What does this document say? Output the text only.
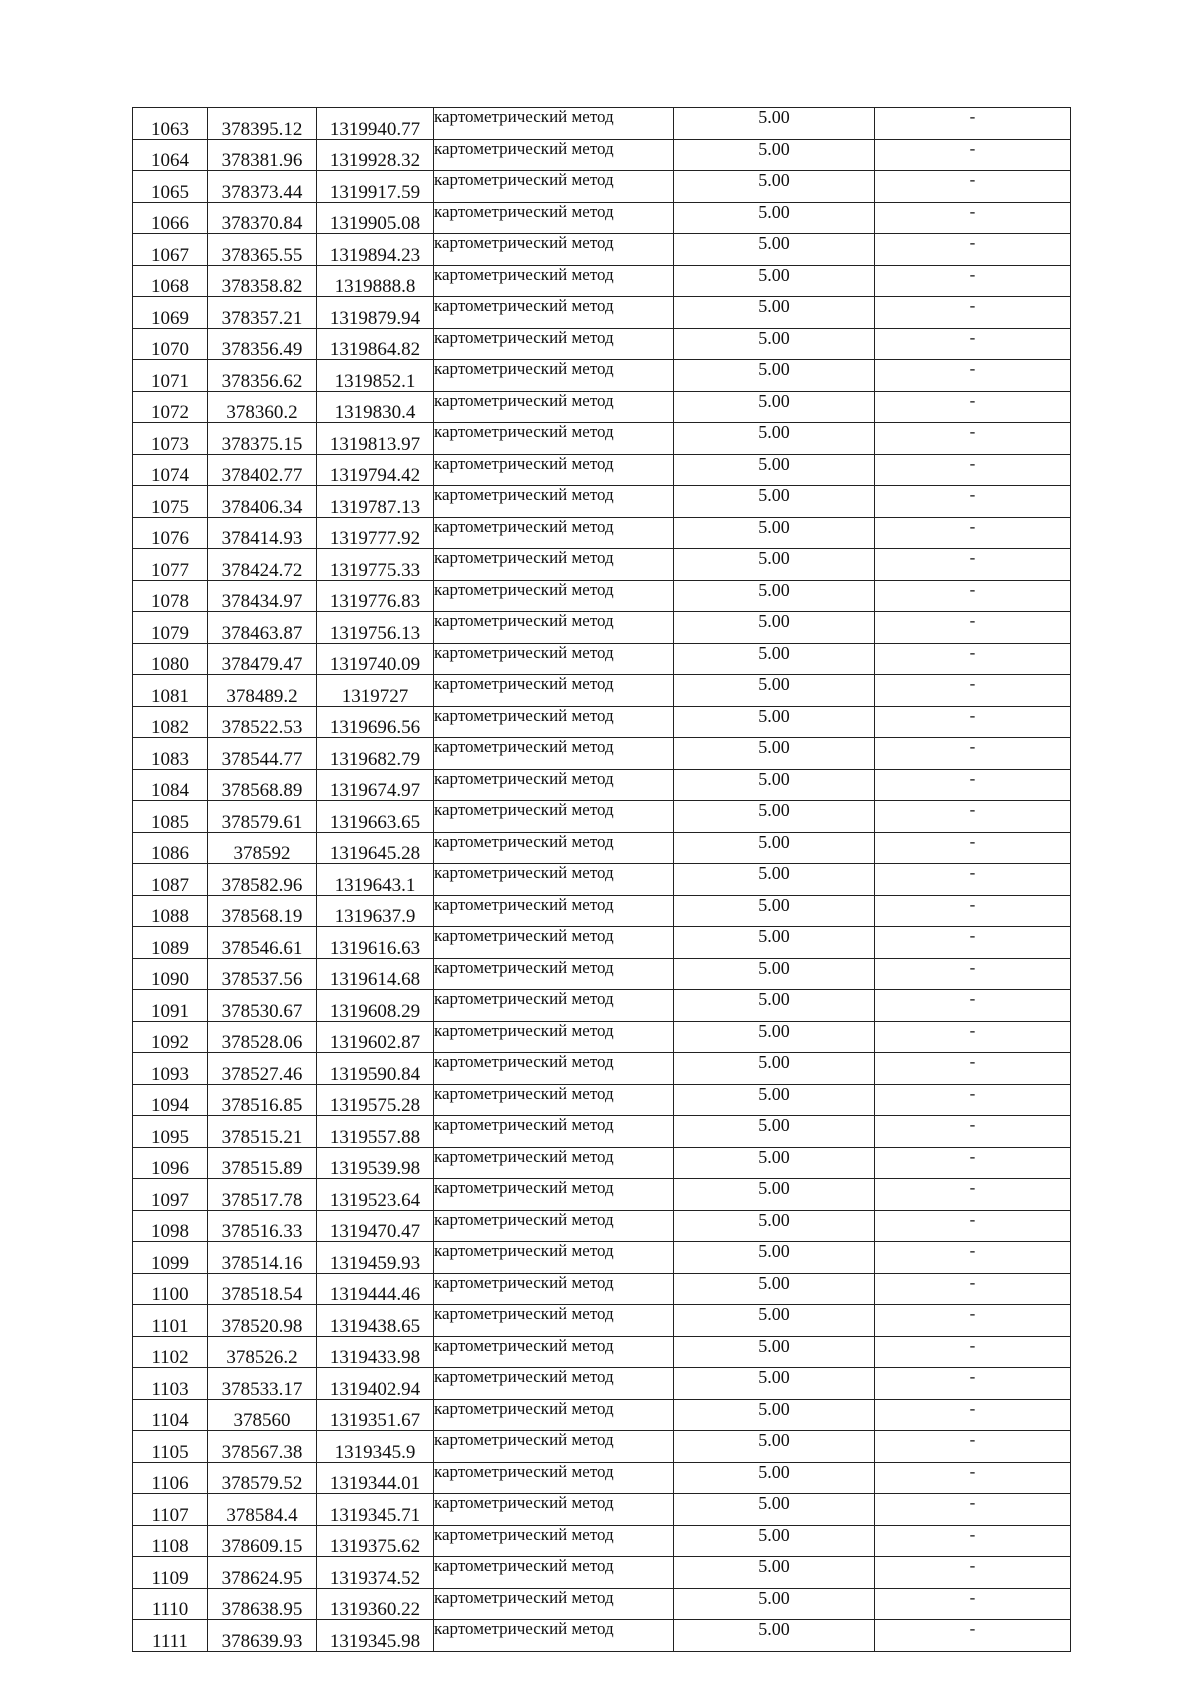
1063	378395.12	1319940.77	картометрический метод	5.00	-
1064	378381.96	1319928.32	картометрический метод	5.00	-
1065	378373.44	1319917.59	картометрический метод	5.00	-
1066	378370.84	1319905.08	картометрический метод	5.00	-
1067	378365.55	1319894.23	картометрический метод	5.00	-
1068	378358.82	1319888.8	картометрический метод	5.00	-
1069	378357.21	1319879.94	картометрический метод	5.00	-
1070	378356.49	1319864.82	картометрический метод	5.00	-
1071	378356.62	1319852.1	картометрический метод	5.00	-
1072	378360.2	1319830.4	картометрический метод	5.00	-
1073	378375.15	1319813.97	картометрический метод	5.00	-
1074	378402.77	1319794.42	картометрический метод	5.00	-
1075	378406.34	1319787.13	картометрический метод	5.00	-
1076	378414.93	1319777.92	картометрический метод	5.00	-
1077	378424.72	1319775.33	картометрический метод	5.00	-
1078	378434.97	1319776.83	картометрический метод	5.00	-
1079	378463.87	1319756.13	картометрический метод	5.00	-
1080	378479.47	1319740.09	картометрический метод	5.00	-
1081	378489.2	1319727	картометрический метод	5.00	-
1082	378522.53	1319696.56	картометрический метод	5.00	-
1083	378544.77	1319682.79	картометрический метод	5.00	-
1084	378568.89	1319674.97	картометрический метод	5.00	-
1085	378579.61	1319663.65	картометрический метод	5.00	-
1086	378592	1319645.28	картометрический метод	5.00	-
1087	378582.96	1319643.1	картометрический метод	5.00	-
1088	378568.19	1319637.9	картометрический метод	5.00	-
1089	378546.61	1319616.63	картометрический метод	5.00	-
1090	378537.56	1319614.68	картометрический метод	5.00	-
1091	378530.67	1319608.29	картометрический метод	5.00	-
1092	378528.06	1319602.87	картометрический метод	5.00	-
1093	378527.46	1319590.84	картометрический метод	5.00	-
1094	378516.85	1319575.28	картометрический метод	5.00	-
1095	378515.21	1319557.88	картометрический метод	5.00	-
1096	378515.89	1319539.98	картометрический метод	5.00	-
1097	378517.78	1319523.64	картометрический метод	5.00	-
1098	378516.33	1319470.47	картометрический метод	5.00	-
1099	378514.16	1319459.93	картометрический метод	5.00	-
1100	378518.54	1319444.46	картометрический метод	5.00	-
1101	378520.98	1319438.65	картометрический метод	5.00	-
1102	378526.2	1319433.98	картометрический метод	5.00	-
1103	378533.17	1319402.94	картометрический метод	5.00	-
1104	378560	1319351.67	картометрический метод	5.00	-
1105	378567.38	1319345.9	картометрический метод	5.00	-
1106	378579.52	1319344.01	картометрический метод	5.00	-
1107	378584.4	1319345.71	картометрический метод	5.00	-
1108	378609.15	1319375.62	картометрический метод	5.00	-
1109	378624.95	1319374.52	картометрический метод	5.00	-
1110	378638.95	1319360.22	картометрический метод	5.00	-
1111	378639.93	1319345.98	картометрический метод	5.00	-
